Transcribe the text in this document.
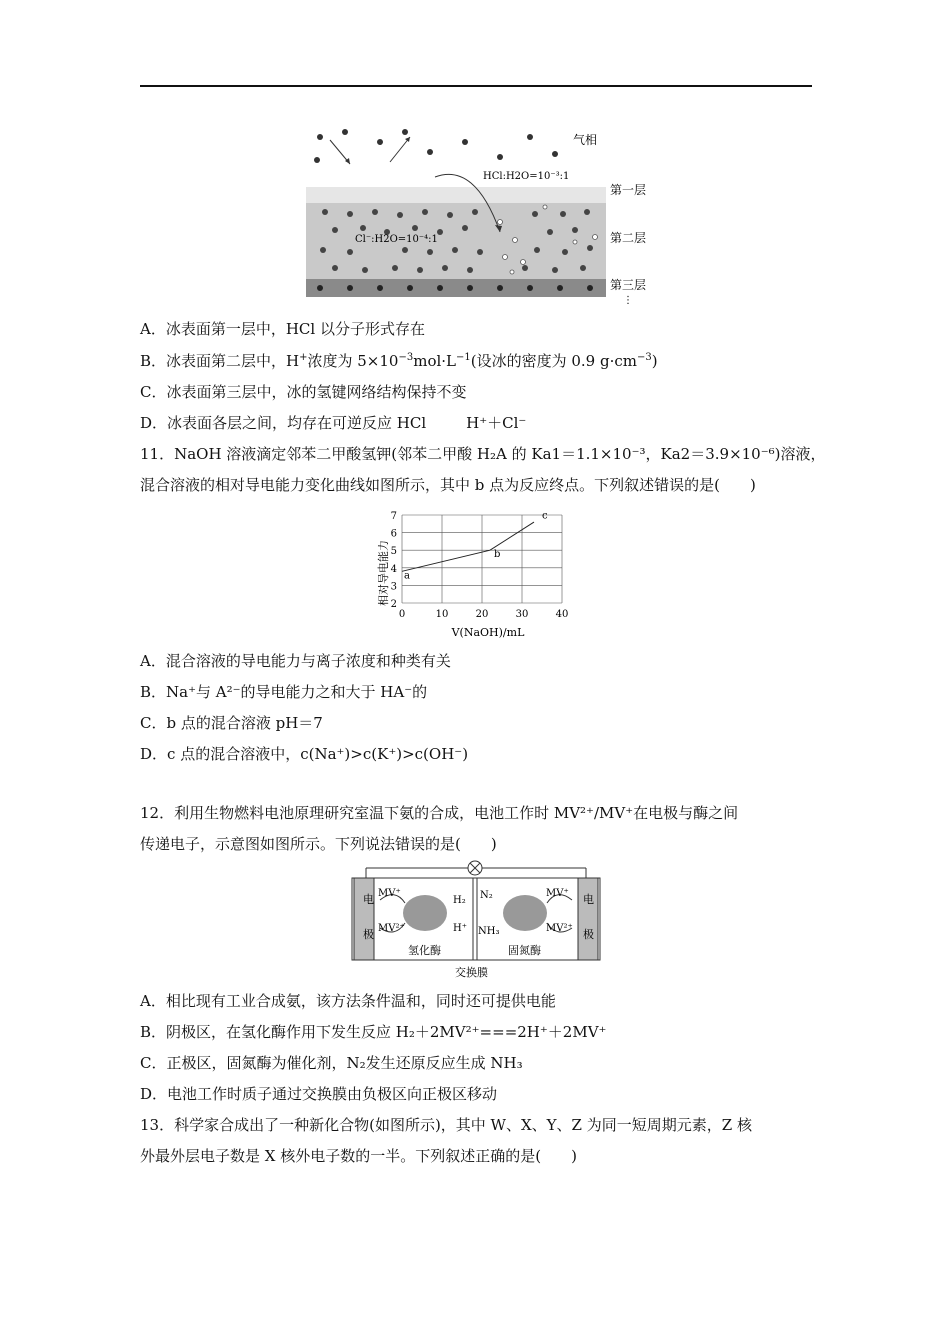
HCl:H2O=10⁻³:1
Cl⁻:H2O=10⁻⁴:1
气相
第一层
第二层
第三层
⋮
A．冰表面第一层中，HCl 以分子形式存在
B．冰表面第二层中，H+浓度为 $5\times 10^{-3}mol\cdot L^{-1}$(设冰的密度为 0.9 $g\cdot cm^{-3}$)
C．冰表面第三层中，冰的氢键网络结构保持不变
D．冰表面各层之间，均存在可逆反应 HCl	H⁺＋Cl⁻
11．NaOH 溶液滴定邻苯二甲酸氢钾(邻苯二甲酸 H₂A 的 Ka1＝1.1×10⁻³，Ka2＝3.9×10⁻⁶)溶液，
混合溶液的相对导电能力变化曲线如图所示，其中 b 点为反应终点。下列叙述错误的是(　　)
2
3
4
5
6
7
0	10	20	30	40
a
b
c
相对导电能力
V(NaOH)/mL
A．混合溶液的导电能力与离子浓度和种类有关
B．Na⁺与 A²⁻的导电能力之和大于 HA⁻的
C．b 点的混合溶液 pH＝7
D．c 点的混合溶液中，c(Na⁺)>c(K⁺)>c(OH⁻)
12．利用生物燃料电池原理研究室温下氨的合成，电池工作时 MV²⁺/MV⁺在电极与酶之间
传递电子，示意图如图所示。下列说法错误的是(　　)
电
极
电
极
MV⁺
MV²⁺
H₂
H⁺
N₂
NH₃
MV⁺
MV²⁺
氢化酶	固氮酶
交换膜
A．相比现有工业合成氨，该方法条件温和，同时还可提供电能
B．阴极区，在氢化酶作用下发生反应 H₂＋2MV²⁺===2H⁺＋2MV⁺
C．正极区，固氮酶为催化剂，N₂发生还原反应生成 NH₃
D．电池工作时质子通过交换膜由负极区向正极区移动
13．科学家合成出了一种新化合物(如图所示)，其中 W、X、Y、Z 为同一短周期元素，Z 核
外最外层电子数是 X 核外电子数的一半。下列叙述正确的是(　　)
